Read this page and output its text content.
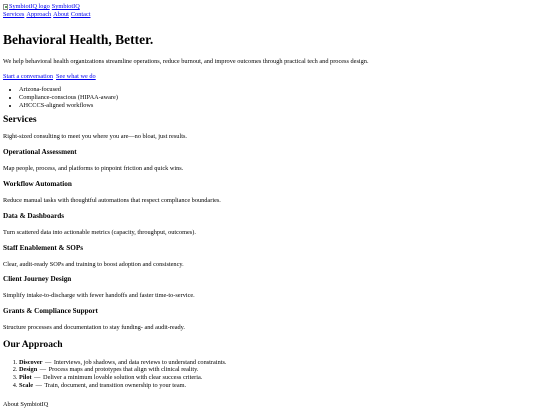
SymbiotIQ logo SymbiotIQ
Services Approach About Contact
Behavioral Health, Better.

We help behavioral health organizations streamline operations, reduce burnout, and improve outcomes through practical tech and process design.

Start a conversation See what we do
• Arizona-focused
• Compliance-conscious (HIPAA-aware)
• AHCCCS-aligned workflows
Services

Right-sized consulting to meet you where you are—no bloat, just results.

Operational Assessment

Map people, process, and platforms to pinpoint friction and quick wins.

Workflow Automation

Reduce manual tasks with thoughtful automations that respect compliance boundaries.

Data & Dashboards

Turn scattered data into actionable metrics (capacity, throughput, outcomes).

Staff Enablement & SOPs

Clear, audit-ready SOPs and training to boost adoption and consistency.

Client Journey Design

Simplify intake-to-discharge with fewer handoffs and faster time-to-service.

Grants & Compliance Support

Structure processes and documentation to stay funding- and audit-ready.

Our Approach
1. Discover — Interviews, job shadows, and data reviews to understand constraints.
2. Design — Process maps and prototypes that align with clinical reality.
3. Pilot — Deliver a minimum lovable solution with clear success criteria.
4. Scale — Train, document, and transition ownership to your team.
About SymbiotIQ
